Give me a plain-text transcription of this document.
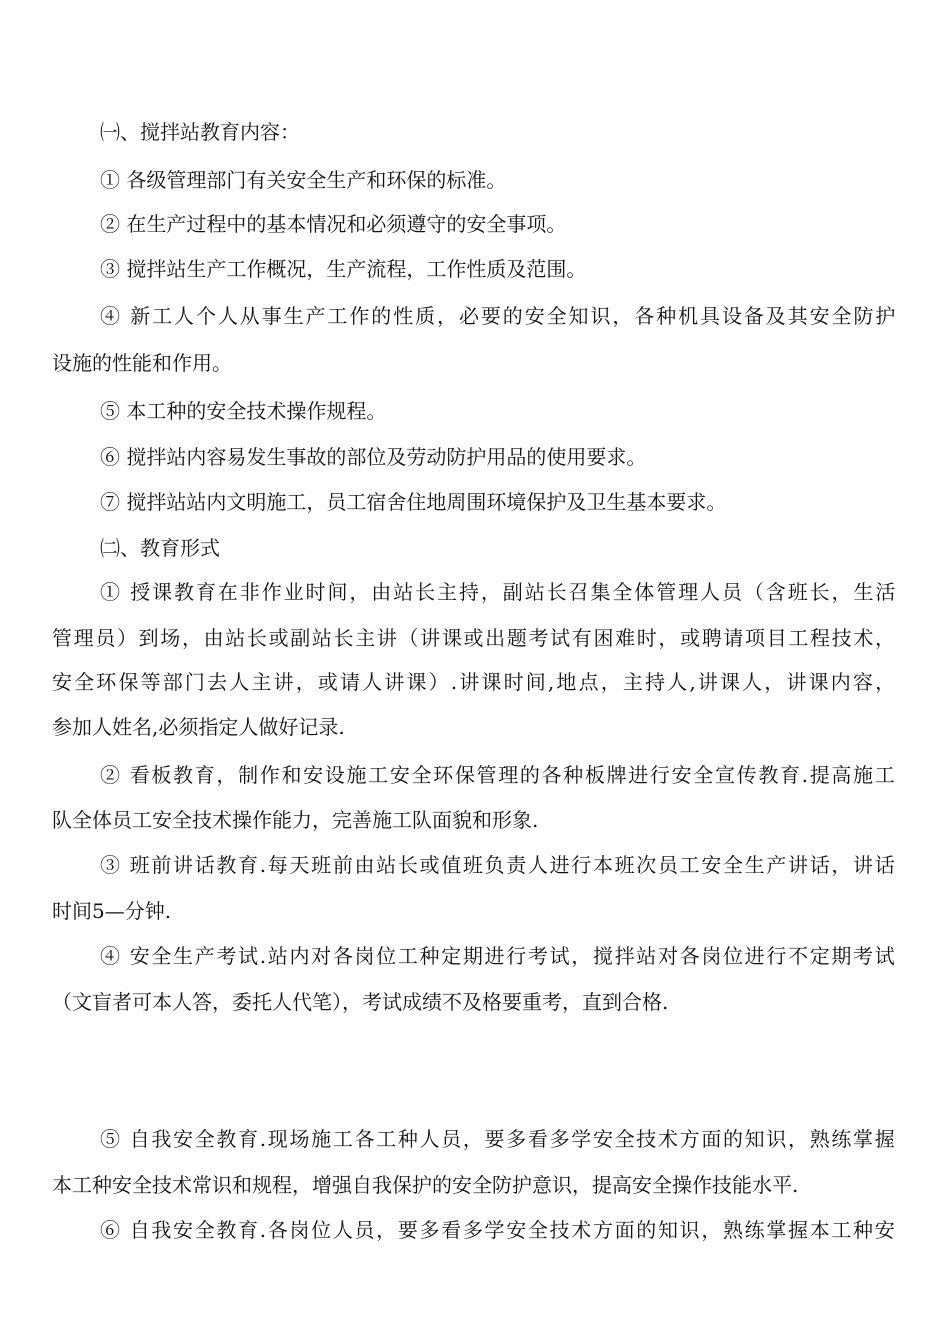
㈠、搅拌站教育内容：
① 各级管理部门有关安全生产和环保的标准。
② 在生产过程中的基本情况和必须遵守的安全事项。
③ 搅拌站生产工作概况，生产流程，工作性质及范围。
④ 新工人个人从事生产工作的性质，必要的安全知识，各种机具设备及其安全防护
设施的性能和作用。
⑤ 本工种的安全技术操作规程。
⑥ 搅拌站内容易发生事故的部位及劳动防护用品的使用要求。
⑦ 搅拌站站内文明施工，员工宿舍住地周围环境保护及卫生基本要求。
㈡、教育形式
① 授课教育在非作业时间，由站长主持，副站长召集全体管理人员（含班长，生活
管理员）到场，由站长或副站长主讲（讲课或出题考试有困难时，或聘请项目工程技术，
安全环保等部门去人主讲，或请人讲课）.讲课时间,地点，主持人,讲课人，讲课内容，
参加人姓名,必须指定人做好记录.
② 看板教育，制作和安设施工安全环保管理的各种板牌进行安全宣传教育.提高施工
队全体员工安全技术操作能力，完善施工队面貌和形象.
③ 班前讲话教育.每天班前由站长或值班负责人进行本班次员工安全生产讲话，讲话
时间5—分钟.
④ 安全生产考试.站内对各岗位工种定期进行考试，搅拌站对各岗位进行不定期考试
（文盲者可本人答，委托人代笔），考试成绩不及格要重考，直到合格.
⑤ 自我安全教育.现场施工各工种人员，要多看多学安全技术方面的知识，熟练掌握
本工种安全技术常识和规程，增强自我保护的安全防护意识，提高安全操作技能水平.
⑥ 自我安全教育.各岗位人员，要多看多学安全技术方面的知识，熟练掌握本工种安
